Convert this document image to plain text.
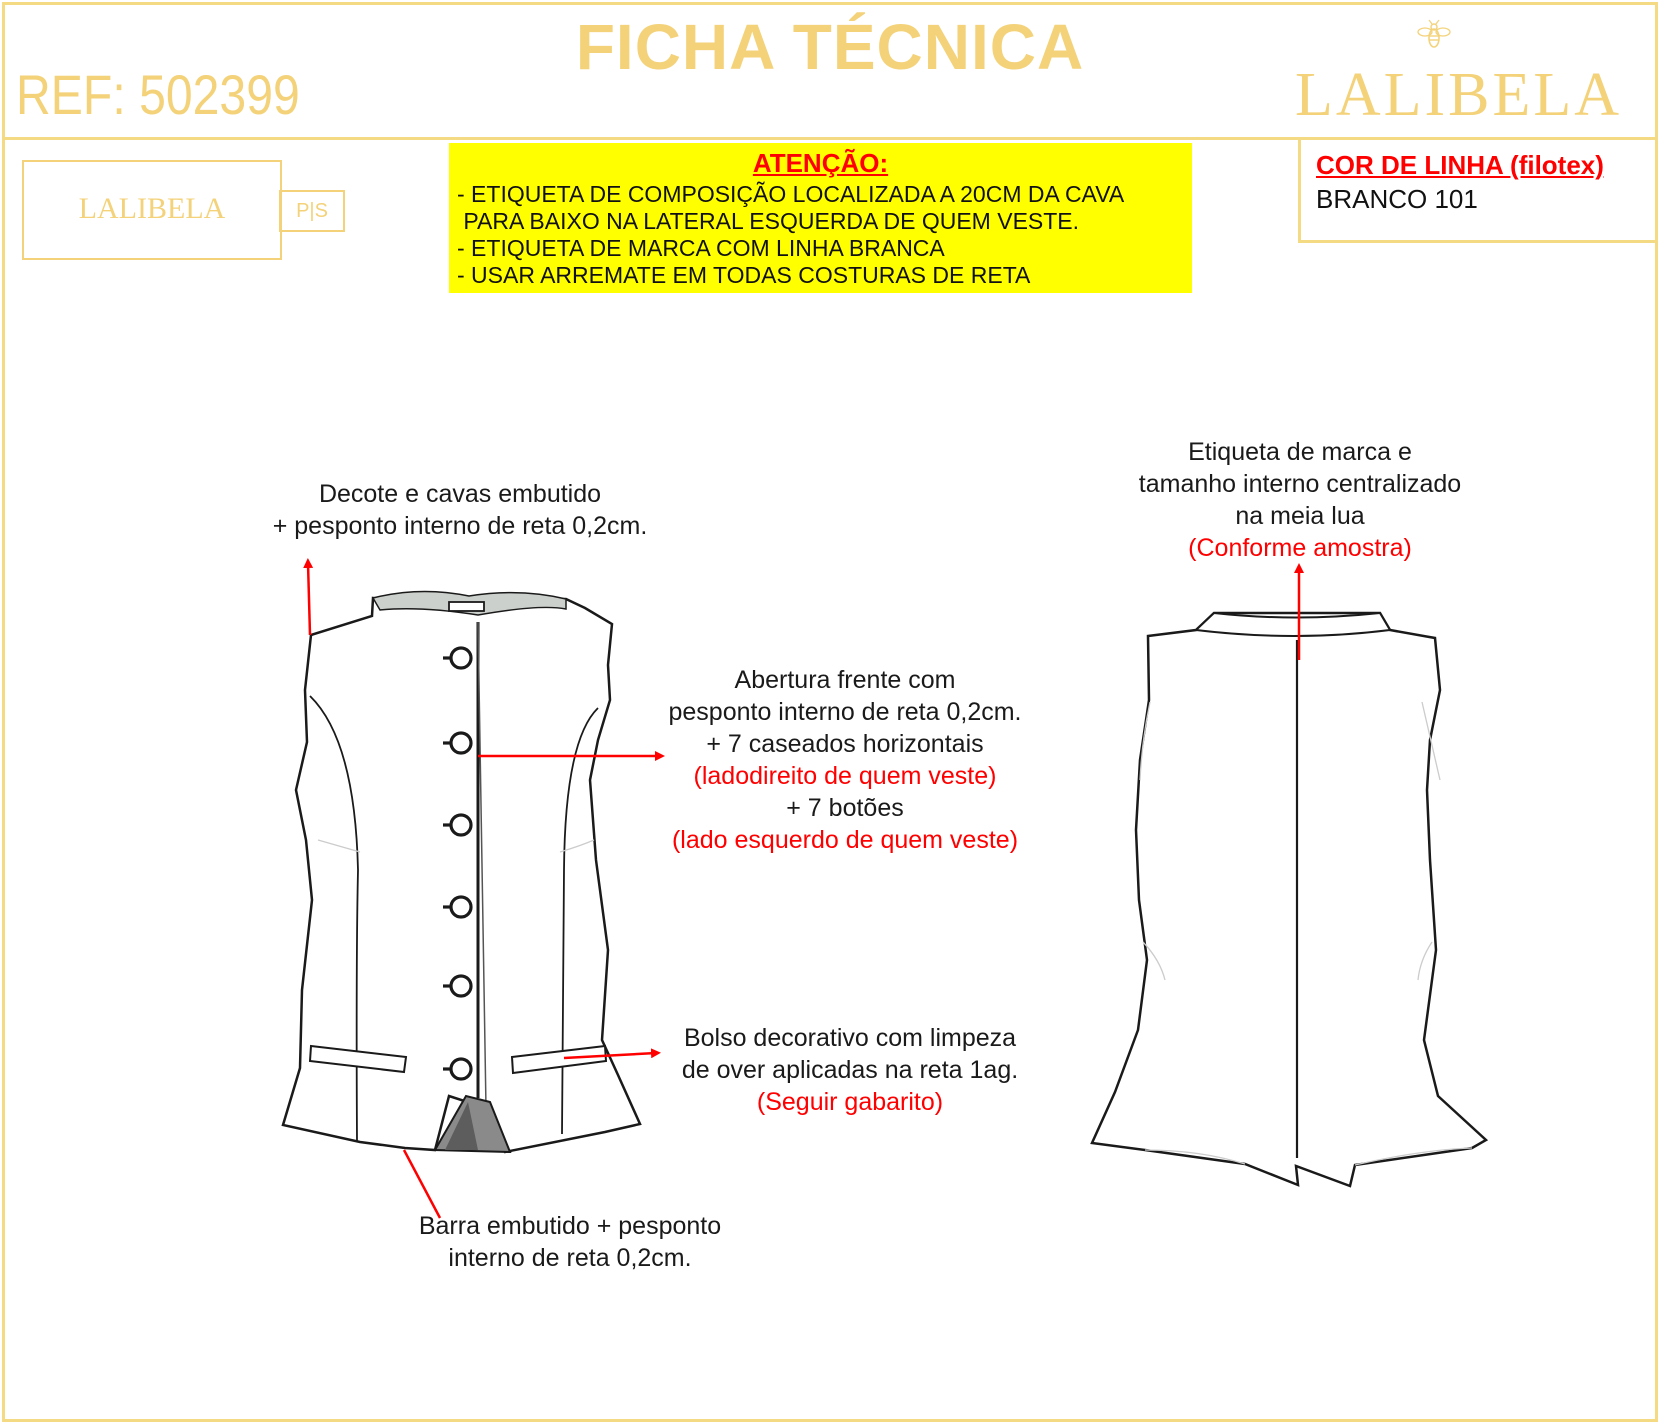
FICHA TÉCNICA
REF: 502399	LALIBELA
LALIBELA	P|S
ATENÇÃO:
- ETIQUETA DE COMPOSIÇÃO LOCALIZADA A 20CM DA CAVA
PARA BAIXO NA LATERAL ESQUERDA DE QUEM VESTE.
- ETIQUETA DE MARCA COM LINHA BRANCA
- USAR ARREMATE EM TODAS COSTURAS DE RETA
COR DE LINHA (filotex)
BRANCO 101
Decote e cavas embutido
+ pesponto interno de reta 0,2cm.
Abertura frente com
pesponto interno de reta 0,2cm.
+ 7 caseados horizontais
(ladodireito de quem veste)
+ 7 botões
(lado esquerdo de quem veste)
Bolso decorativo com limpeza
de over aplicadas na reta 1ag.
(Seguir gabarito)
Barra embutido + pesponto
interno de reta 0,2cm.
Etiqueta de marca e
tamanho interno centralizado
na meia lua
(Conforme amostra)
